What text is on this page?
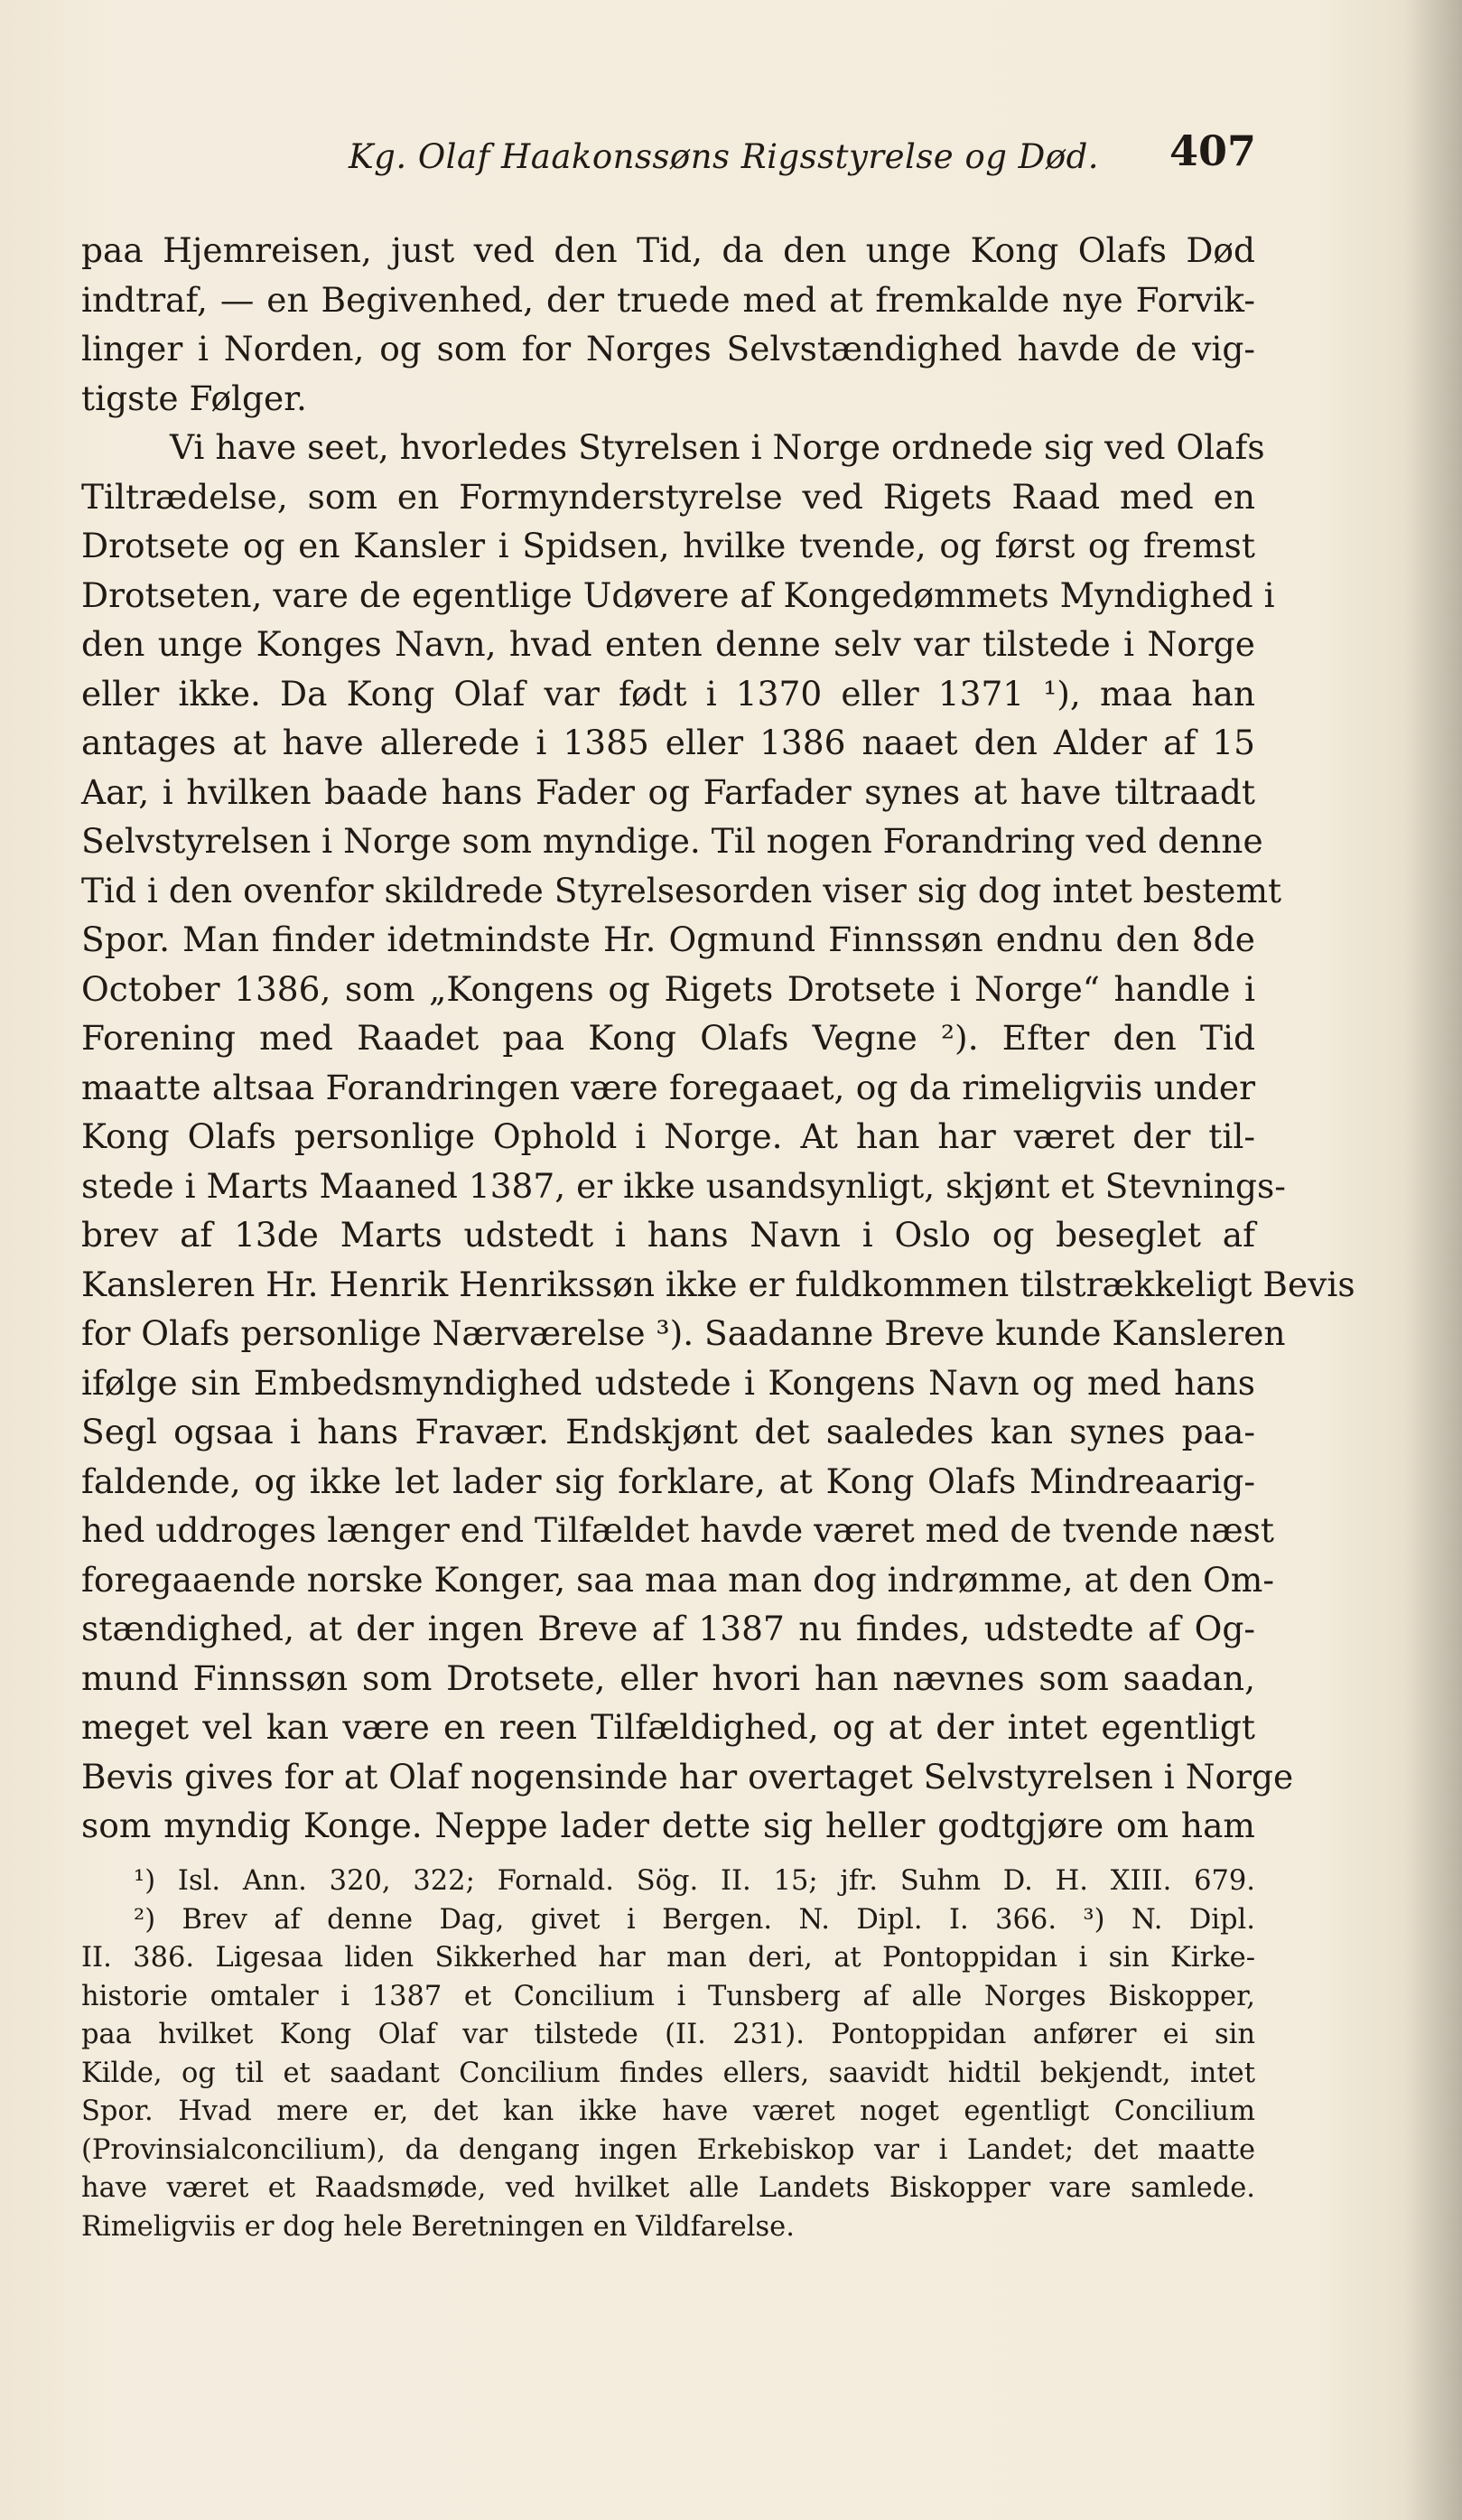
Kg. Olaf Haakonssøns Rigsstyrelse og Død. 407
paa Hjemreisen, just ved den Tid, da den unge Kong Olafs Død
indtraf, — en Begivenhed, der truede med at fremkalde nye Forvik-
linger i Norden, og som for Norges Selvstændighed havde de vig-
tigste Følger.
Vi have seet, hvorledes Styrelsen i Norge ordnede sig ved Olafs
Tiltrædelse, som en Formynderstyrelse ved Rigets Raad med en
Drotsete og en Kansler i Spidsen, hvilke tvende, og først og fremst
Drotseten, vare de egentlige Udøvere af Kongedømmets Myndighed i
den unge Konges Navn, hvad enten denne selv var tilstede i Norge
eller ikke. Da Kong Olaf var født i 1370 eller 1371 ¹), maa han
antages at have allerede i 1385 eller 1386 naaet den Alder af 15
Aar, i hvilken baade hans Fader og Farfader synes at have tiltraadt
Selvstyrelsen i Norge som myndige. Til nogen Forandring ved denne
Tid i den ovenfor skildrede Styrelsesorden viser sig dog intet bestemt
Spor. Man finder idetmindste Hr. Ogmund Finnssøn endnu den 8de
October 1386, som „Kongens og Rigets Drotsete i Norge“ handle i
Forening med Raadet paa Kong Olafs Vegne ²). Efter den Tid
maatte altsaa Forandringen være foregaaet, og da rimeligviis under
Kong Olafs personlige Ophold i Norge. At han har været der til-
stede i Marts Maaned 1387, er ikke usandsynligt, skjønt et Stevnings-
brev af 13de Marts udstedt i hans Navn i Oslo og beseglet af
Kansleren Hr. Henrik Henrikssøn ikke er fuldkommen tilstrækkeligt Bevis
for Olafs personlige Nærværelse ³). Saadanne Breve kunde Kansleren
ifølge sin Embedsmyndighed udstede i Kongens Navn og med hans
Segl ogsaa i hans Fravær. Endskjønt det saaledes kan synes paa-
faldende, og ikke let lader sig forklare, at Kong Olafs Mindreaarig-
hed uddroges længer end Tilfældet havde været med de tvende næst
foregaaende norske Konger, saa maa man dog indrømme, at den Om-
stændighed, at der ingen Breve af 1387 nu findes, udstedte af Og-
mund Finnssøn som Drotsete, eller hvori han nævnes som saadan,
meget vel kan være en reen Tilfældighed, og at der intet egentligt
Bevis gives for at Olaf nogensinde har overtaget Selvstyrelsen i Norge
som myndig Konge. Neppe lader dette sig heller godtgjøre om ham
¹) Isl. Ann. 320, 322; Fornald. Sög. II. 15; jfr. Suhm D. H. XIII. 679.
²) Brev af denne Dag, givet i Bergen. N. Dipl. I. 366. ³) N. Dipl.
II. 386. Ligesaa liden Sikkerhed har man deri, at Pontoppidan i sin Kirke-
historie omtaler i 1387 et Concilium i Tunsberg af alle Norges Biskopper,
paa hvilket Kong Olaf var tilstede (II. 231). Pontoppidan anfører ei sin
Kilde, og til et saadant Concilium findes ellers, saavidt hidtil bekjendt, intet
Spor. Hvad mere er, det kan ikke have været noget egentligt Concilium
(Provinsialconcilium), da dengang ingen Erkebiskop var i Landet; det maatte
have været et Raadsmøde, ved hvilket alle Landets Biskopper vare samlede.
Rimeligviis er dog hele Beretningen en Vildfarelse.
